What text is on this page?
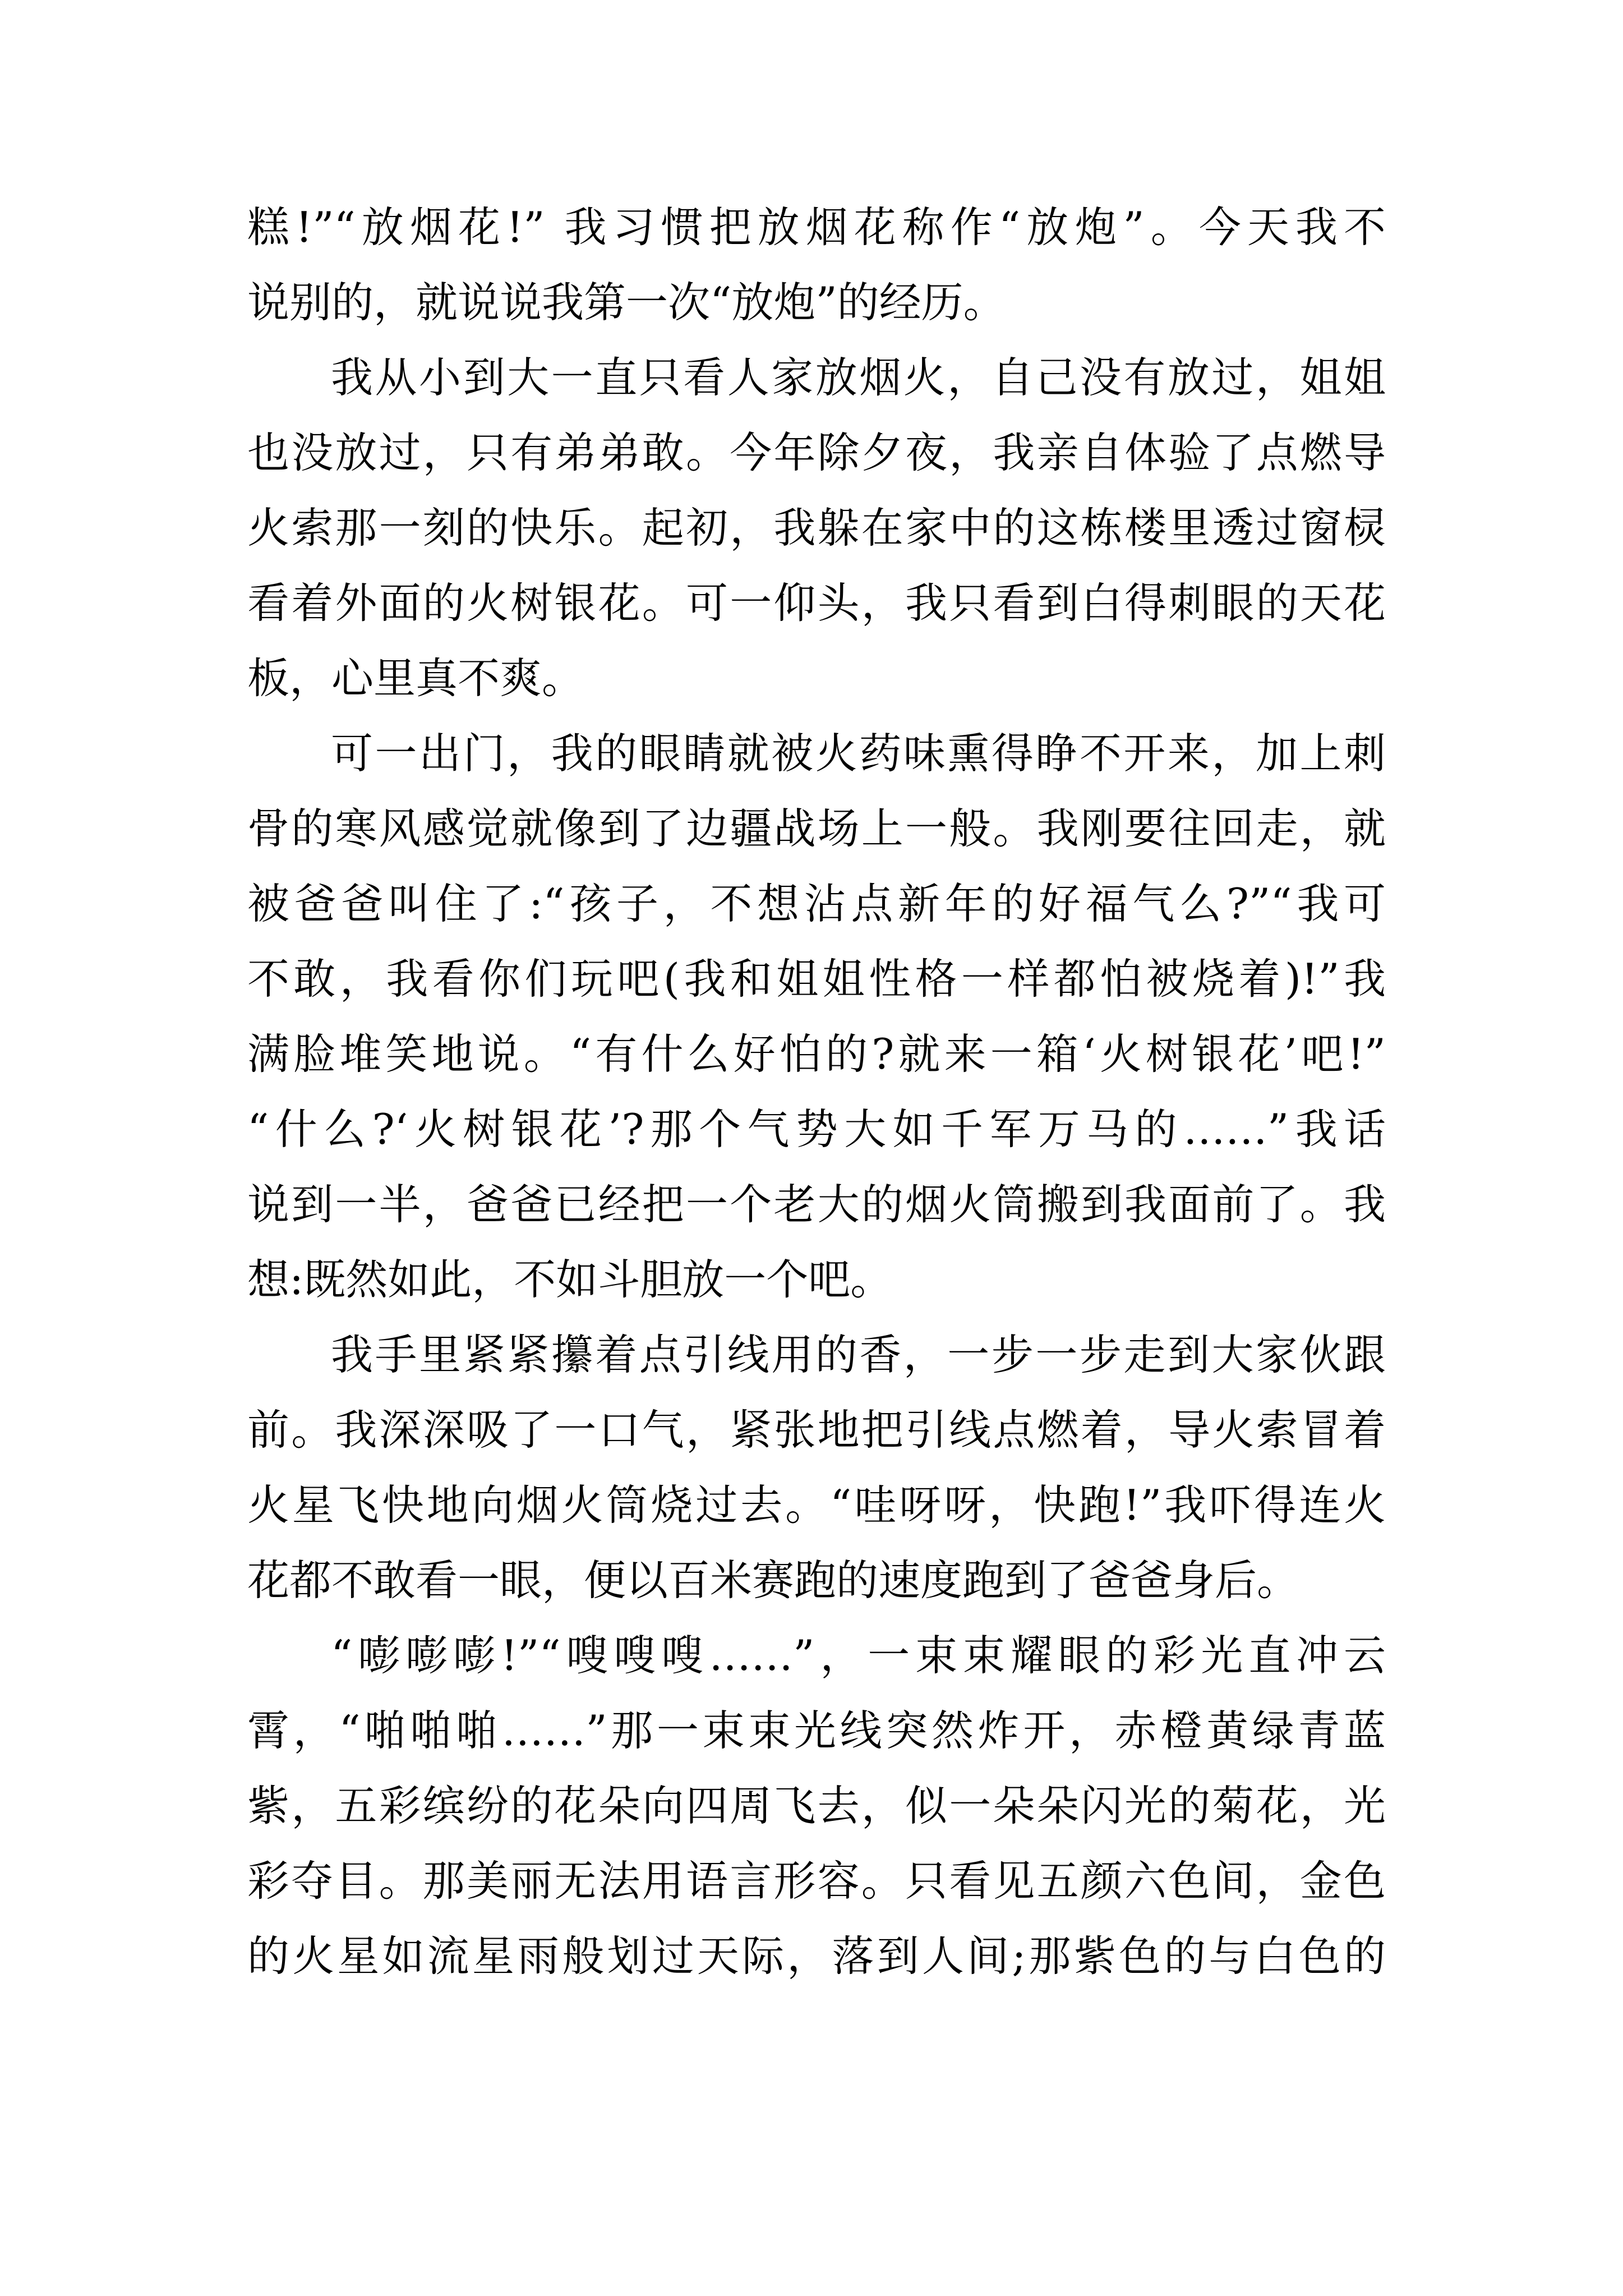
糕!”“放烟花!” 我习惯把放烟花称作“放炮”。今天我不
说别的，就说说我第一次“放炮”的经历。
我从小到大一直只看人家放烟火，自己没有放过，姐姐
也没放过，只有弟弟敢。今年除夕夜，我亲自体验了点燃导
火索那一刻的快乐。起初，我躲在家中的这栋楼里透过窗棂
看着外面的火树银花。可一仰头，我只看到白得刺眼的天花
板，心里真不爽。
可一出门，我的眼睛就被火药味熏得睁不开来，加上刺
骨的寒风感觉就像到了边疆战场上一般。我刚要往回走，就
被爸爸叫住了:“孩子，不想沾点新年的好福气么?”“我可
不敢，我看你们玩吧(我和姐姐性格一样都怕被烧着)!”我
满脸堆笑地说。“有什么好怕的?就来一箱‘火树银花’吧!”
“什么?‘火树银花’?那个气势大如千军万马的……”我话
说到一半，爸爸已经把一个老大的烟火筒搬到我面前了。我
想:既然如此，不如斗胆放一个吧。
我手里紧紧攥着点引线用的香，一步一步走到大家伙跟
前。我深深吸了一口气，紧张地把引线点燃着，导火索冒着
火星飞快地向烟火筒烧过去。“哇呀呀，快跑!”我吓得连火
花都不敢看一眼，便以百米赛跑的速度跑到了爸爸身后。
“嘭嘭嘭!”“嗖嗖嗖……”，一束束耀眼的彩光直冲云
霄，“啪啪啪……”那一束束光线突然炸开，赤橙黄绿青蓝
紫，五彩缤纷的花朵向四周飞去，似一朵朵闪光的菊花，光
彩夺目。那美丽无法用语言形容。只看见五颜六色间，金色
的火星如流星雨般划过天际，落到人间;那紫色的与白色的
